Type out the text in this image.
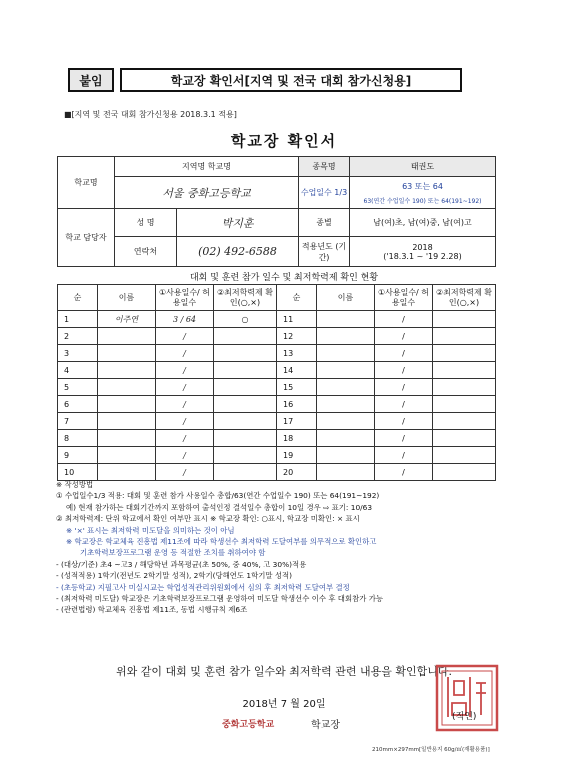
붙임	학교장 확인서[지역 및 전국 대회 참가신청용]
■[지역 및 전국 대회 참가신청용 2018.3.1 적용]
학교장 확인서
학교명	지역명 학교명		종목명	태권도
	서울 중화고등학교		수업일수 1/3	63 또는 64
63(연간 수업일수 190) 또는 64(191~192)

학교 담당자	성 명	박지훈	종별	남(여)초, 남(여)중, 남(여)고
	연락처	(02) 492-6588	적용년도 (기간)	2018
('18.3.1 ~ '19 2.28)
대회 및 훈련 참가 일수 및 최저학력제 확인 현황
순	이름	①사용일수/ 허용일수	②최저학력제 확인(○,×)	순	이름	①사용일수/ 허용일수	②최저학력제 확인(○,×)
1	이주연	3 / 64	○	11		/	
2		/		12		/	
3		/		13		/	
4		/		14		/	
5		/		15		/	
6		/		16		/	
7		/		17		/	
8		/		18		/	
9		/		19		/	
10		/		20		/	
※ 작성방법
① 수업일수1/3 적용: 대회 및 훈련 참가 사용일수 총합/63(연간 수업일수 190) 또는 64(191~192)
예) 현재 참가하는 대회기간까지 포함하여 출석인정 결석일수 총합이 10일 경우 ⇨ 표기: 10/63
② 최저학력제: 단위 학교에서 확인 여부만 표시 ※ 학교장 확인: ○표시, 학교장 미확인: × 표시
※ '×' 표시는 최저학력 미도달을 의미하는 것이 아님
※ 학교장은 학교체육 진흥법 제11조에 따라 학생선수 최저학력 도달여부를 의무적으로 확인하고
기초학력보장프로그램 운영 등 적절한 조치를 취하여야 함
- (대상/기준) 초4 ~고3 / 해당학년 과목평균(초 50%, 중 40%, 고 30%)적용
- (성적적용) 1학기(전년도 2학기말 성적), 2학기(당해연도 1학기말 성적)
- (초등학교) 지필고사 미실시교는 학업성적관리위원회에서 심의 후 최저학력 도달여부 결정
- (최저학력 미도달) 학교장은 기초학력보장프로그램 운영하여 미도달 학생선수 이수 후 대회참가 가능
- (관련법령) 학교체육 진흥법 제11조, 동법 시행규칙 제6조
위와 같이 대회 및 훈련 참가 일수와 최저학력 관련 내용을 확인합니다.
2018년 7 월 20일
중화고등학교	학교장
(직인)
210mm×297mm[일반용지 60g/㎡(재활용품)]
